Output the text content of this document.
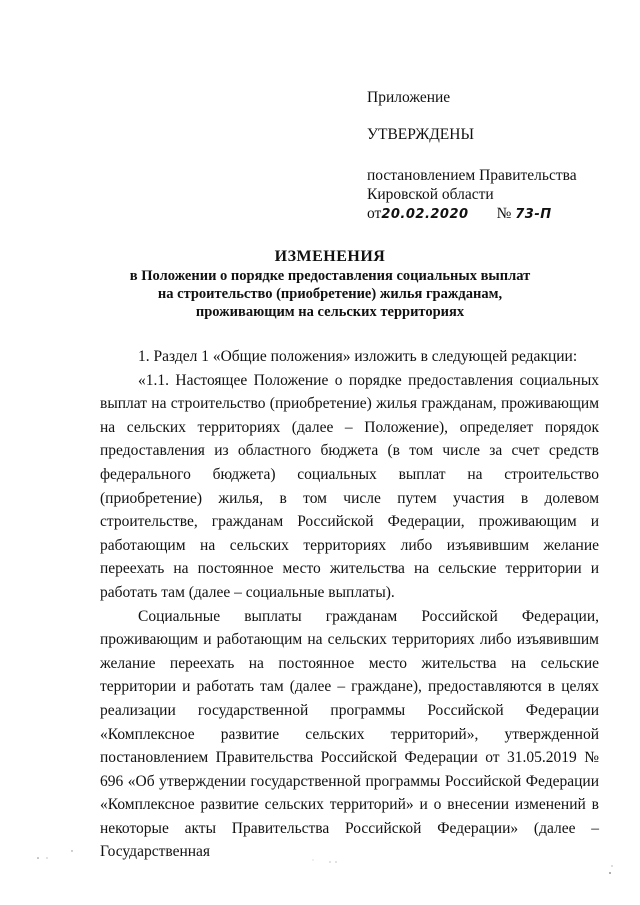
Приложение
УТВЕРЖДЕНЫ
постановлением Правительства
Кировской области
от20.02.2020 № 73-П
ИЗМЕНЕНИЯ
в Положении о порядке предоставления социальных выплат
на строительство (приобретение) жилья гражданам,
проживающим на сельских территориях

1. Раздел 1 «Общие положения» изложить в следующей редакции:

«1.1. Настоящее Положение о порядке предоставления социальных выплат на строительство (приобретение) жилья гражданам, проживающим на сельских территориях (далее – Положение), определяет порядок предоставления из областного бюджета (в том числе за счет средств федерального бюджета) социальных выплат на строительство (приобретение) жилья, в том числе путем участия в долевом строительстве, гражданам Российской Федерации, проживающим и работающим на сельских территориях либо изъявившим желание переехать на постоянное место жительства на сельские территории и работать там (далее – социальные выплаты).

Социальные выплаты гражданам Российской Федерации, проживающим и работающим на сельских территориях либо изъявившим желание переехать на постоянное место жительства на сельские территории и работать там (далее – граждане), предоставляются в целях реализации государственной программы Российской Федерации «Комплексное развитие сельских территорий», утвержденной постановлением Правительства Российской Федерации от 31.05.2019 № 696 «Об утверждении государственной программы Российской Федерации «Комплексное развитие сельских территорий» и о внесении изменений в некоторые акты Правительства Российской Федерации» (далее – Государственная
